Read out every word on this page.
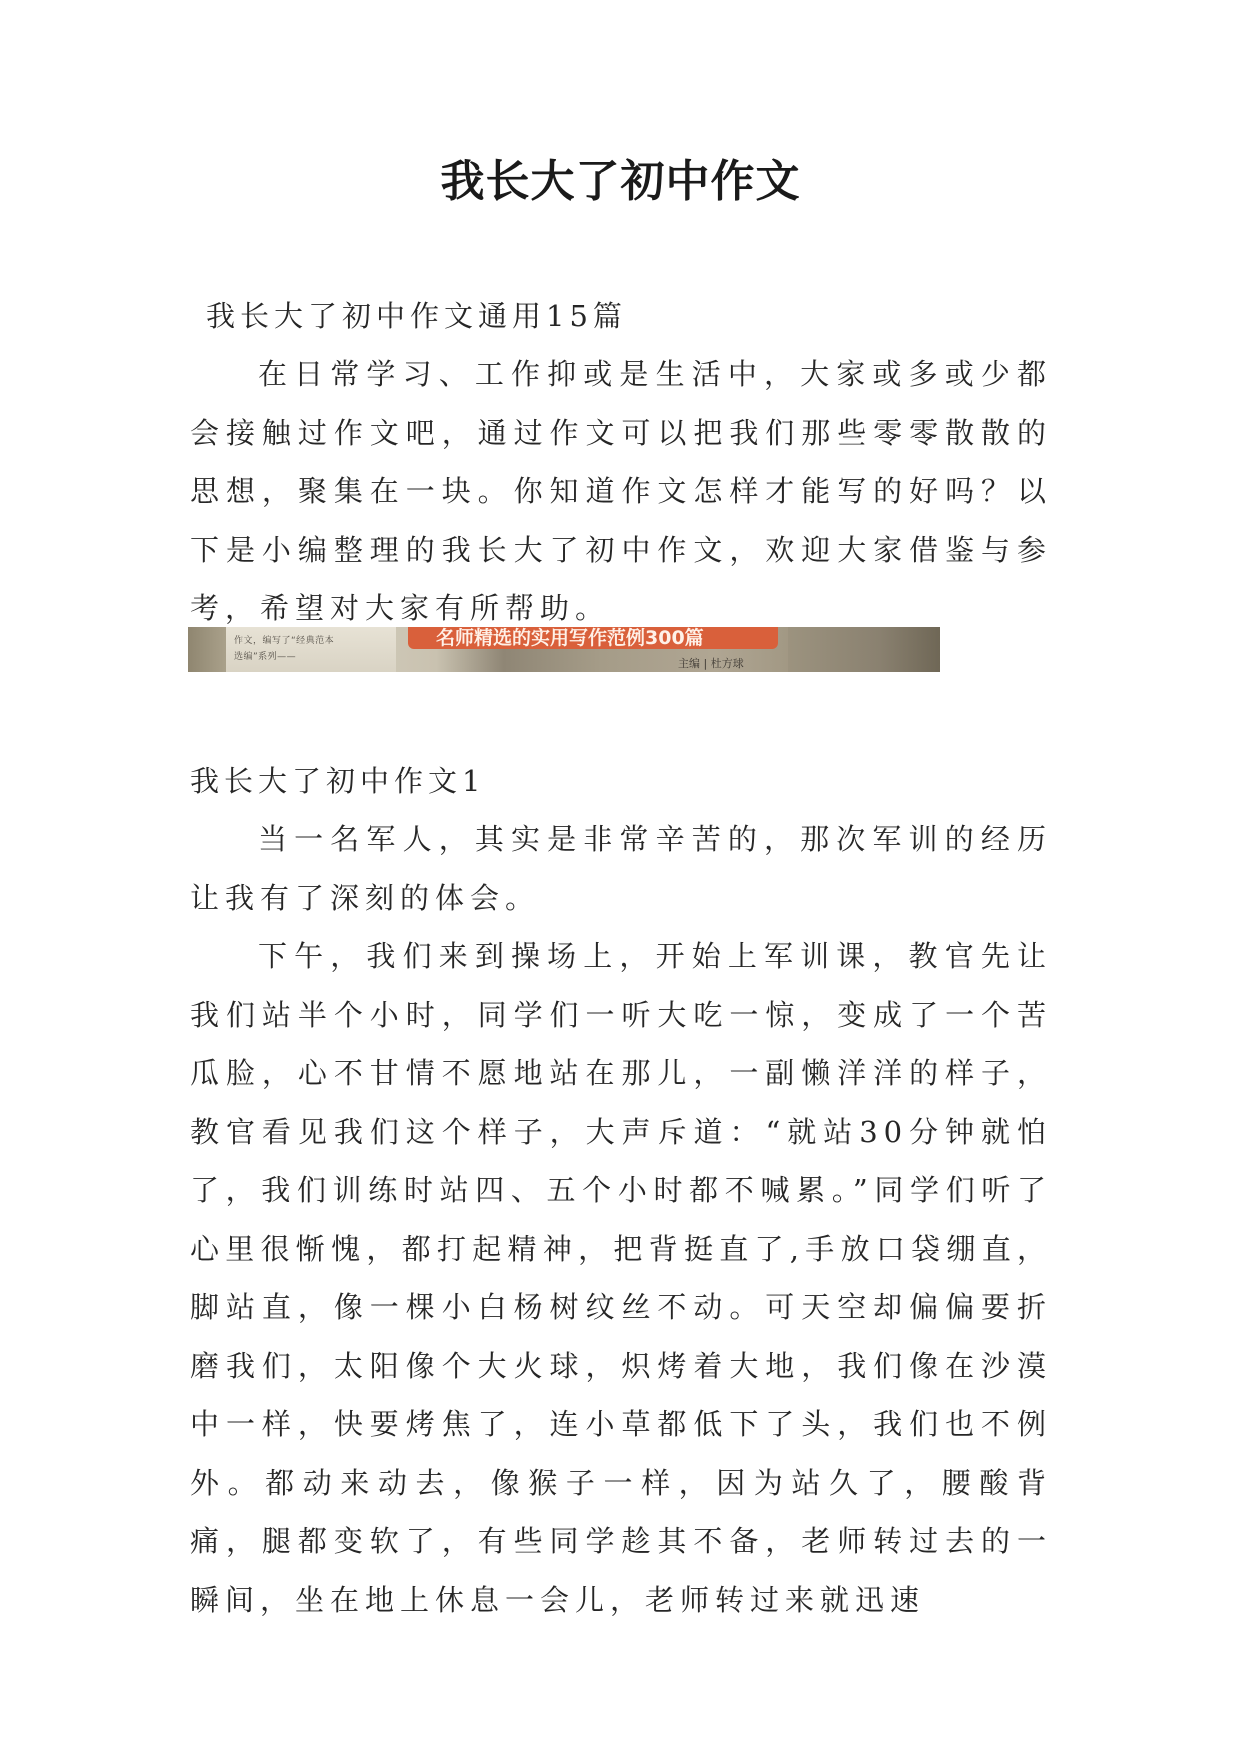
我长大了初中作文
我长大了初中作文通用15篇

在日常学习、工作抑或是生活中，大家或多或少都会接触过作文吧，通过作文可以把我们那些零零散散的思想，聚集在一块。你知道作文怎样才能写的好吗？以下是小编整理的我长大了初中作文，欢迎大家借鉴与参考，希望对大家有所帮助。

作文，编写了“经典范本
选编”系列——
名师精选的实用写作范例300篇
主编 | 杜方球
我长大了初中作文1

当一名军人，其实是非常辛苦的，那次军训的经历让我有了深刻的体会。

下午，我们来到操场上，开始上军训课，教官先让我们站半个小时，同学们一听大吃一惊，变成了一个苦瓜脸，心不甘情不愿地站在那儿，一副懒洋洋的样子，教官看见我们这个样子，大声斥道：“就站30分钟就怕了，我们训练时站四、五个小时都不喊累。”同学们听了心里很惭愧，都打起精神，把背挺直了,手放口袋绷直，脚站直，像一棵小白杨树纹丝不动。可天空却偏偏要折磨我们，太阳像个大火球，炽烤着大地，我们像在沙漠中一样，快要烤焦了，连小草都低下了头，我们也不例外。都动来动去，像猴子一样，因为站久了，腰酸背痛，腿都变软了，有些同学趁其不备，老师转过去的一瞬间，坐在地上休息一会儿，老师转过来就迅速
